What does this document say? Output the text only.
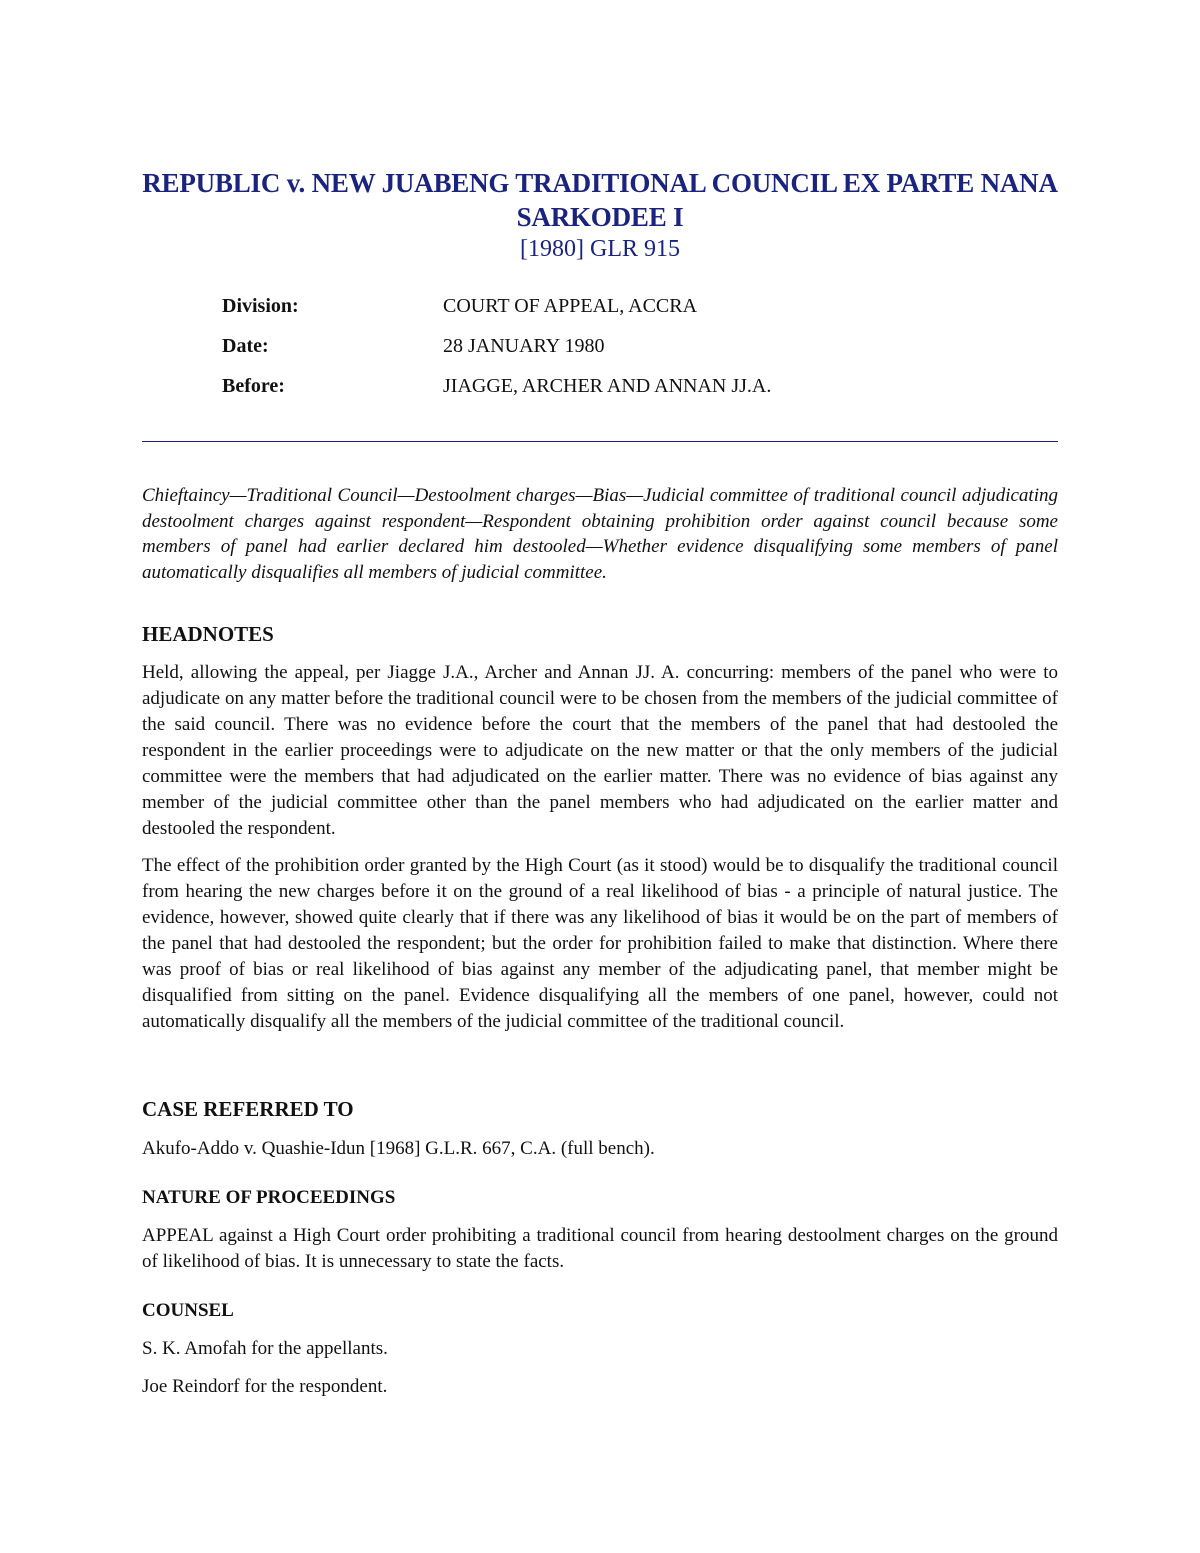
REPUBLIC v. NEW JUABENG TRADITIONAL COUNCIL EX PARTE NANA SARKODEE I
[1980] GLR 915
Division:	COURT OF APPEAL, ACCRA
Date:	28 JANUARY 1980
Before:	JIAGGE, ARCHER AND ANNAN JJ.A.

Chieftaincy—Traditional Council—Destoolment charges—Bias—Judicial committee of traditional council adjudicating destoolment charges against respondent—Respondent obtaining prohibition order against council because some members of panel had earlier declared him destooled—Whether evidence disqualifying some members of panel automatically disqualifies all members of judicial committee.

HEADNOTES

Held, allowing the appeal, per Jiagge J.A., Archer and Annan JJ. A. concurring: members of the panel who were to adjudicate on any matter before the traditional council were to be chosen from the members of the judicial committee of the said council. There was no evidence before the court that the members of the panel that had destooled the respondent in the earlier proceedings were to adjudicate on the new matter or that the only members of the judicial committee were the members that had adjudicated on the earlier matter. There was no evidence of bias against any member of the judicial committee other than the panel members who had adjudicated on the earlier matter and destooled the respondent.

The effect of the prohibition order granted by the High Court (as it stood) would be to disqualify the traditional council from hearing the new charges before it on the ground of a real likelihood of bias - a principle of natural justice. The evidence, however, showed quite clearly that if there was any likelihood of bias it would be on the part of members of the panel that had destooled the respondent; but the order for prohibition failed to make that distinction. Where there was proof of bias or real likelihood of bias against any member of the adjudicating panel, that member might be disqualified from sitting on the panel. Evidence disqualifying all the members of one panel, however, could not automatically disqualify all the members of the judicial committee of the traditional council.

CASE REFERRED TO

Akufo-Addo v. Quashie-Idun [1968] G.L.R. 667, C.A. (full bench).

NATURE OF PROCEEDINGS

APPEAL against a High Court order prohibiting a traditional council from hearing destoolment charges on the ground of likelihood of bias. It is unnecessary to state the facts.

COUNSEL

S. K. Amofah for the appellants.

Joe Reindorf for the respondent.
